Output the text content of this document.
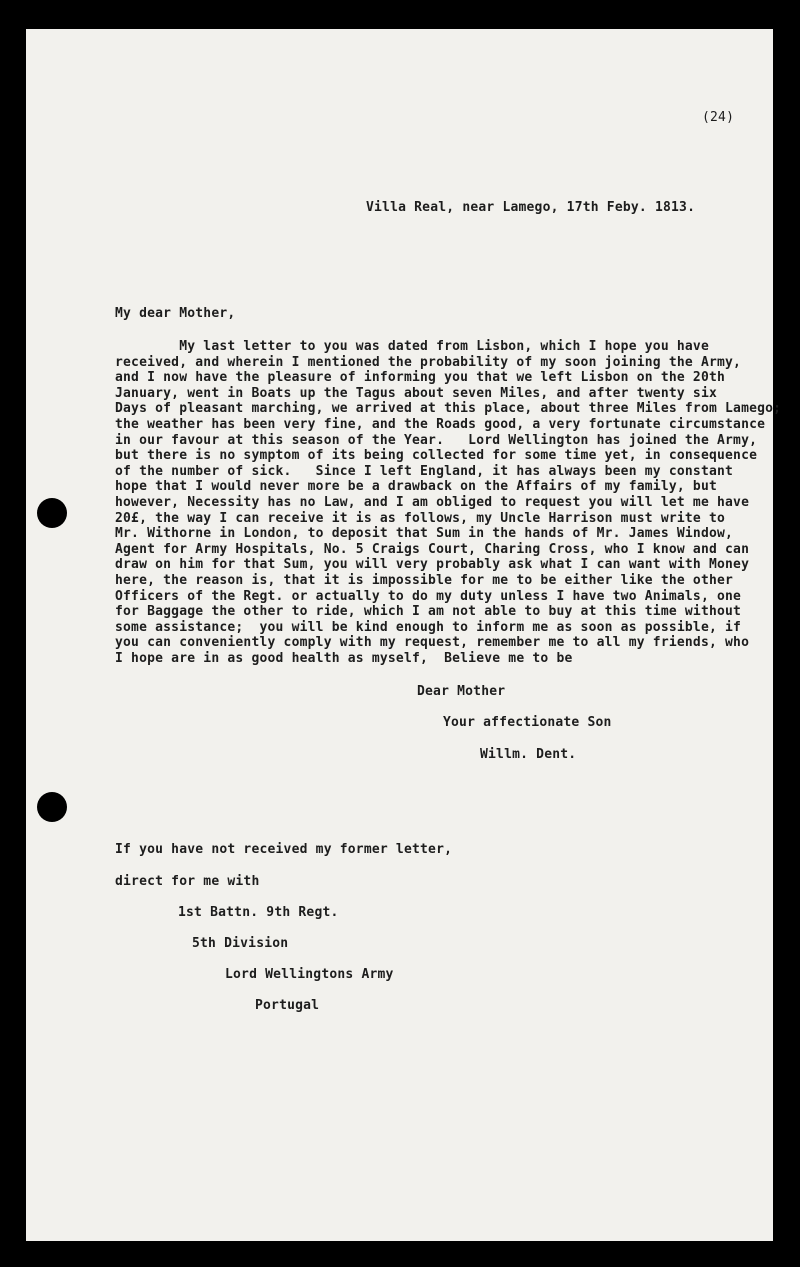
(24)
Villa Real, near Lamego, 17th Feby. 1813.
My dear Mother,
My last letter to you was dated from Lisbon, which I hope you have
received, and wherein I mentioned the probability of my soon joining the Army,
and I now have the pleasure of informing you that we left Lisbon on the 20th
January, went in Boats up the Tagus about seven Miles, and after twenty six
Days of pleasant marching, we arrived at this place, about three Miles from Lamego;
the weather has been very fine, and the Roads good, a very fortunate circumstance
in our favour at this season of the Year.   Lord Wellington has joined the Army,
but there is no symptom of its being collected for some time yet, in consequence
of the number of sick.   Since I left England, it has always been my constant
hope that I would never more be a drawback on the Affairs of my family, but
however, Necessity has no Law, and I am obliged to request you will let me have
20£, the way I can receive it is as follows, my Uncle Harrison must write to
Mr. Withorne in London, to deposit that Sum in the hands of Mr. James Window,
Agent for Army Hospitals, No. 5 Craigs Court, Charing Cross, who I know and can
draw on him for that Sum, you will very probably ask what I can want with Money
here, the reason is, that it is impossible for me to be either like the other
Officers of the Regt. or actually to do my duty unless I have two Animals, one
for Baggage the other to ride, which I am not able to buy at this time without
some assistance;  you will be kind enough to inform me as soon as possible, if
you can conveniently comply with my request, remember me to all my friends, who
I hope are in as good health as myself,  Believe me to be
Dear Mother
Your affectionate Son
Willm. Dent.
If you have not received my former letter,
direct for me with
1st Battn. 9th Regt.
5th Division
Lord Wellingtons Army
Portugal
